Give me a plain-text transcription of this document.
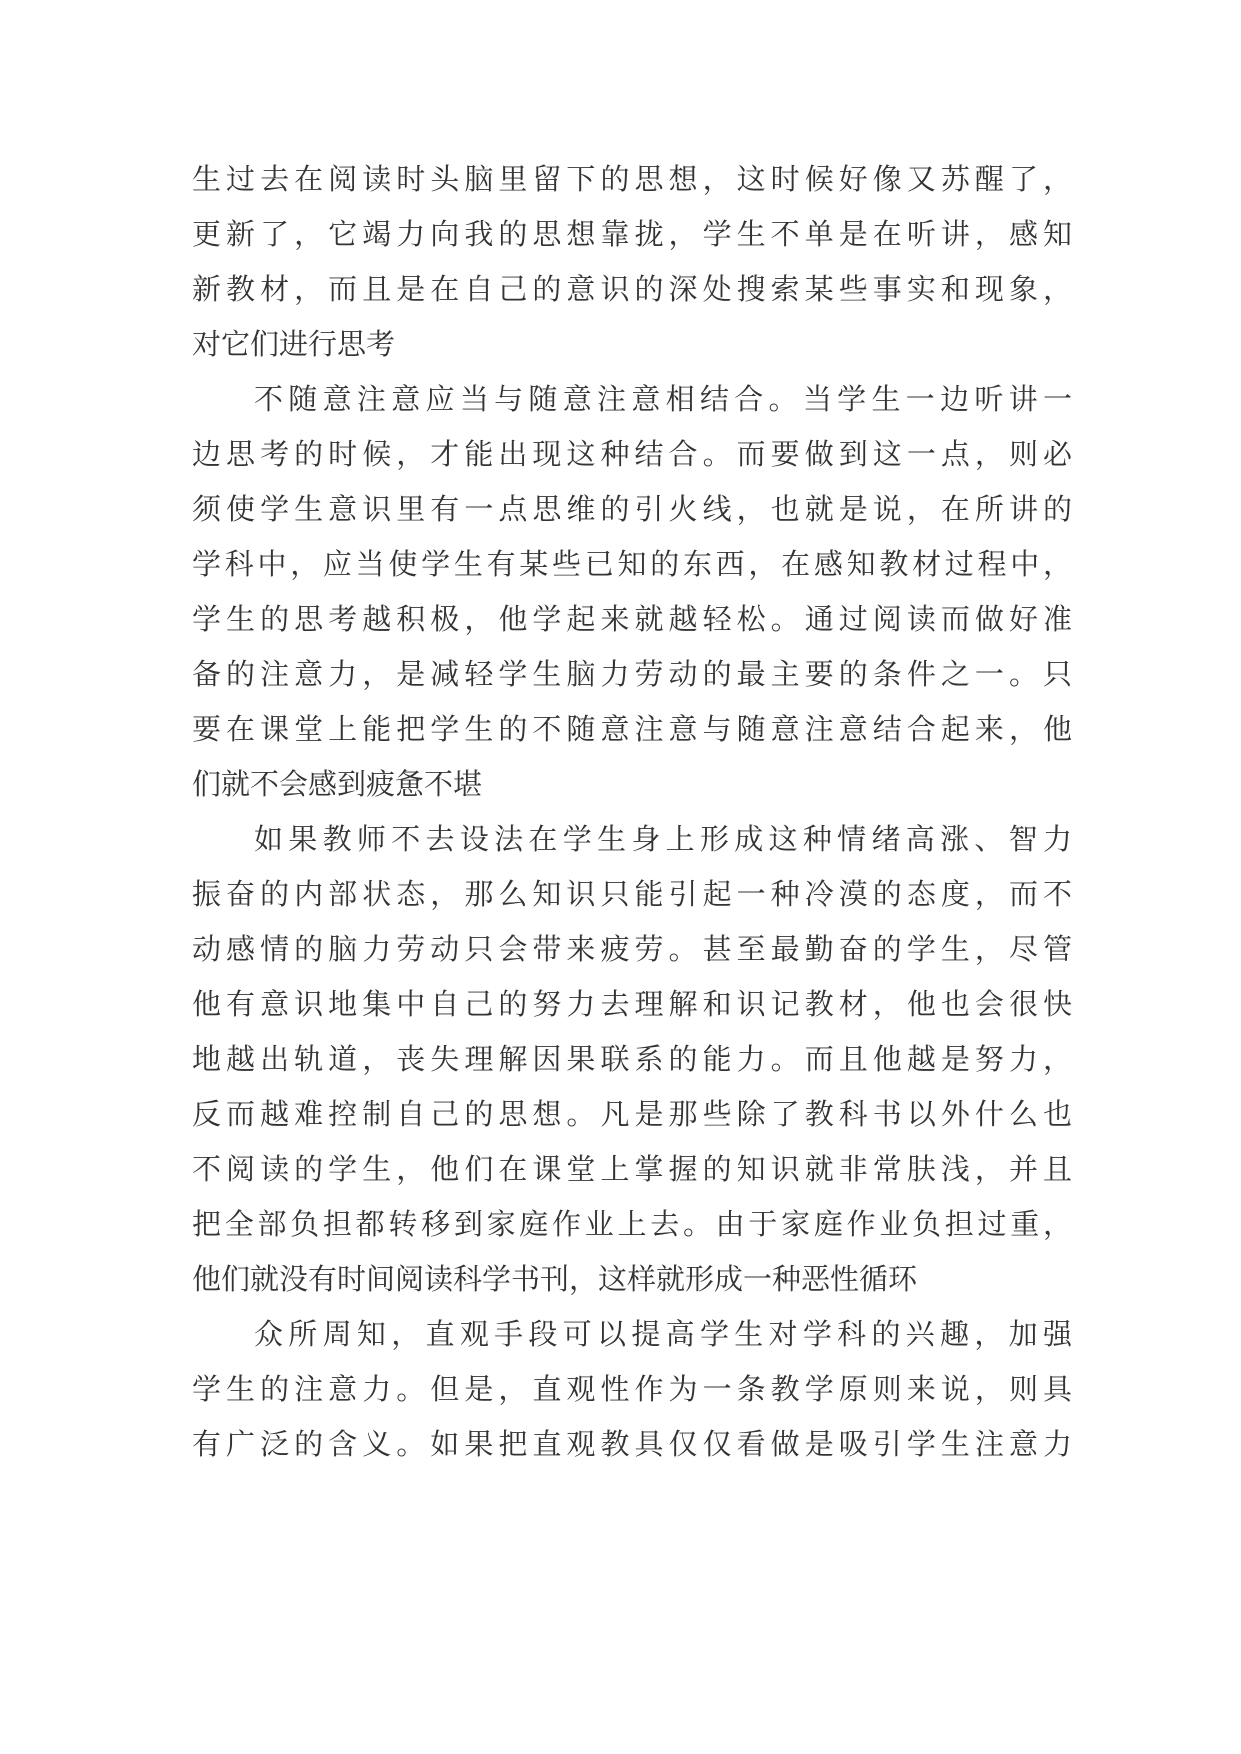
生过去在阅读时头脑里留下的思想，这时候好像又苏醒了，
更新了，它竭力向我的思想靠拢，学生不单是在听讲，感知
新教材，而且是在自己的意识的深处搜索某些事实和现象，
对它们进行思考
不随意注意应当与随意注意相结合。当学生一边听讲一
边思考的时候，才能出现这种结合。而要做到这一点，则必
须使学生意识里有一点思维的引火线，也就是说，在所讲的
学科中，应当使学生有某些已知的东西，在感知教材过程中，
学生的思考越积极，他学起来就越轻松。通过阅读而做好准
备的注意力，是减轻学生脑力劳动的最主要的条件之一。只
要在课堂上能把学生的不随意注意与随意注意结合起来，他
们就不会感到疲惫不堪
如果教师不去设法在学生身上形成这种情绪高涨、智力
振奋的内部状态，那么知识只能引起一种冷漠的态度，而不
动感情的脑力劳动只会带来疲劳。甚至最勤奋的学生，尽管
他有意识地集中自己的努力去理解和识记教材，他也会很快
地越出轨道，丧失理解因果联系的能力。而且他越是努力，
反而越难控制自己的思想。凡是那些除了教科书以外什么也
不阅读的学生，他们在课堂上掌握的知识就非常肤浅，并且
把全部负担都转移到家庭作业上去。由于家庭作业负担过重，
他们就没有时间阅读科学书刊，这样就形成一种恶性循环
众所周知，直观手段可以提高学生对学科的兴趣，加强
学生的注意力。但是，直观性作为一条教学原则来说，则具
有广泛的含义。如果把直观教具仅仅看做是吸引学生注意力
